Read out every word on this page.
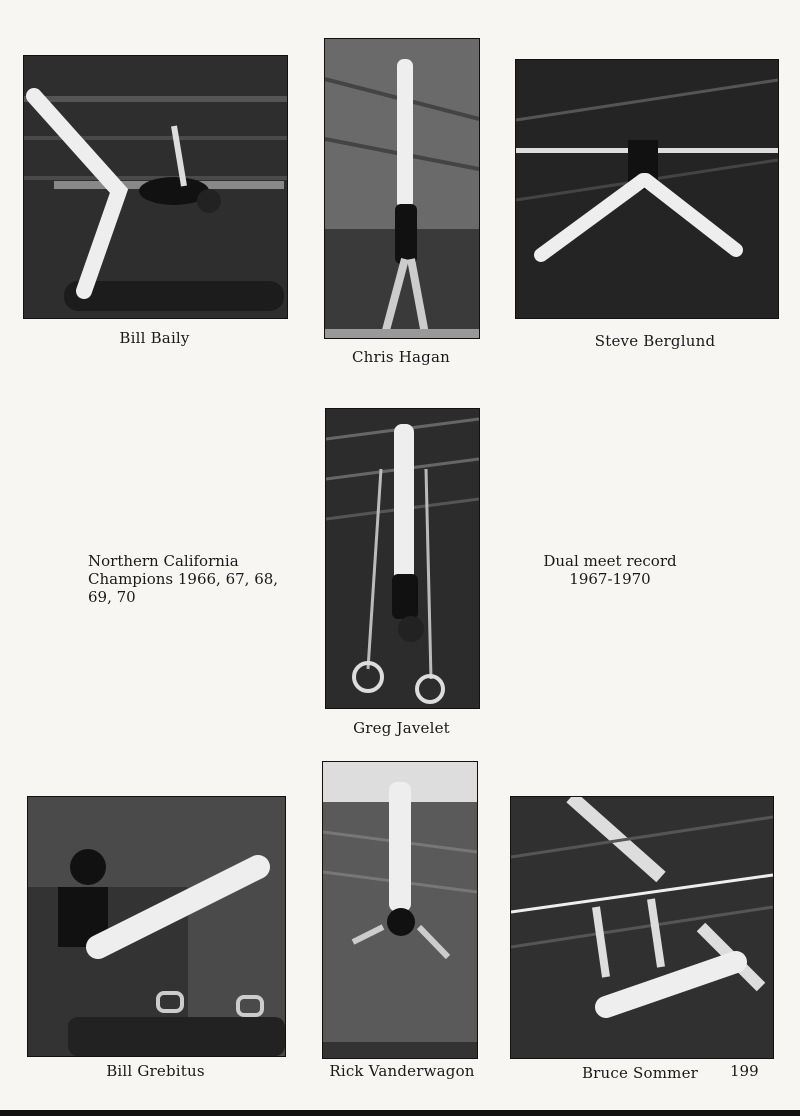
Bill Baily
Chris Hagan
Steve Berglund
Northern California
Champions 1966, 67, 68,
69, 70
Greg Javelet
Dual meet record
1967-1970
Bill Grebitus	Rick Vanderwagon	Bruce Sommer 199
